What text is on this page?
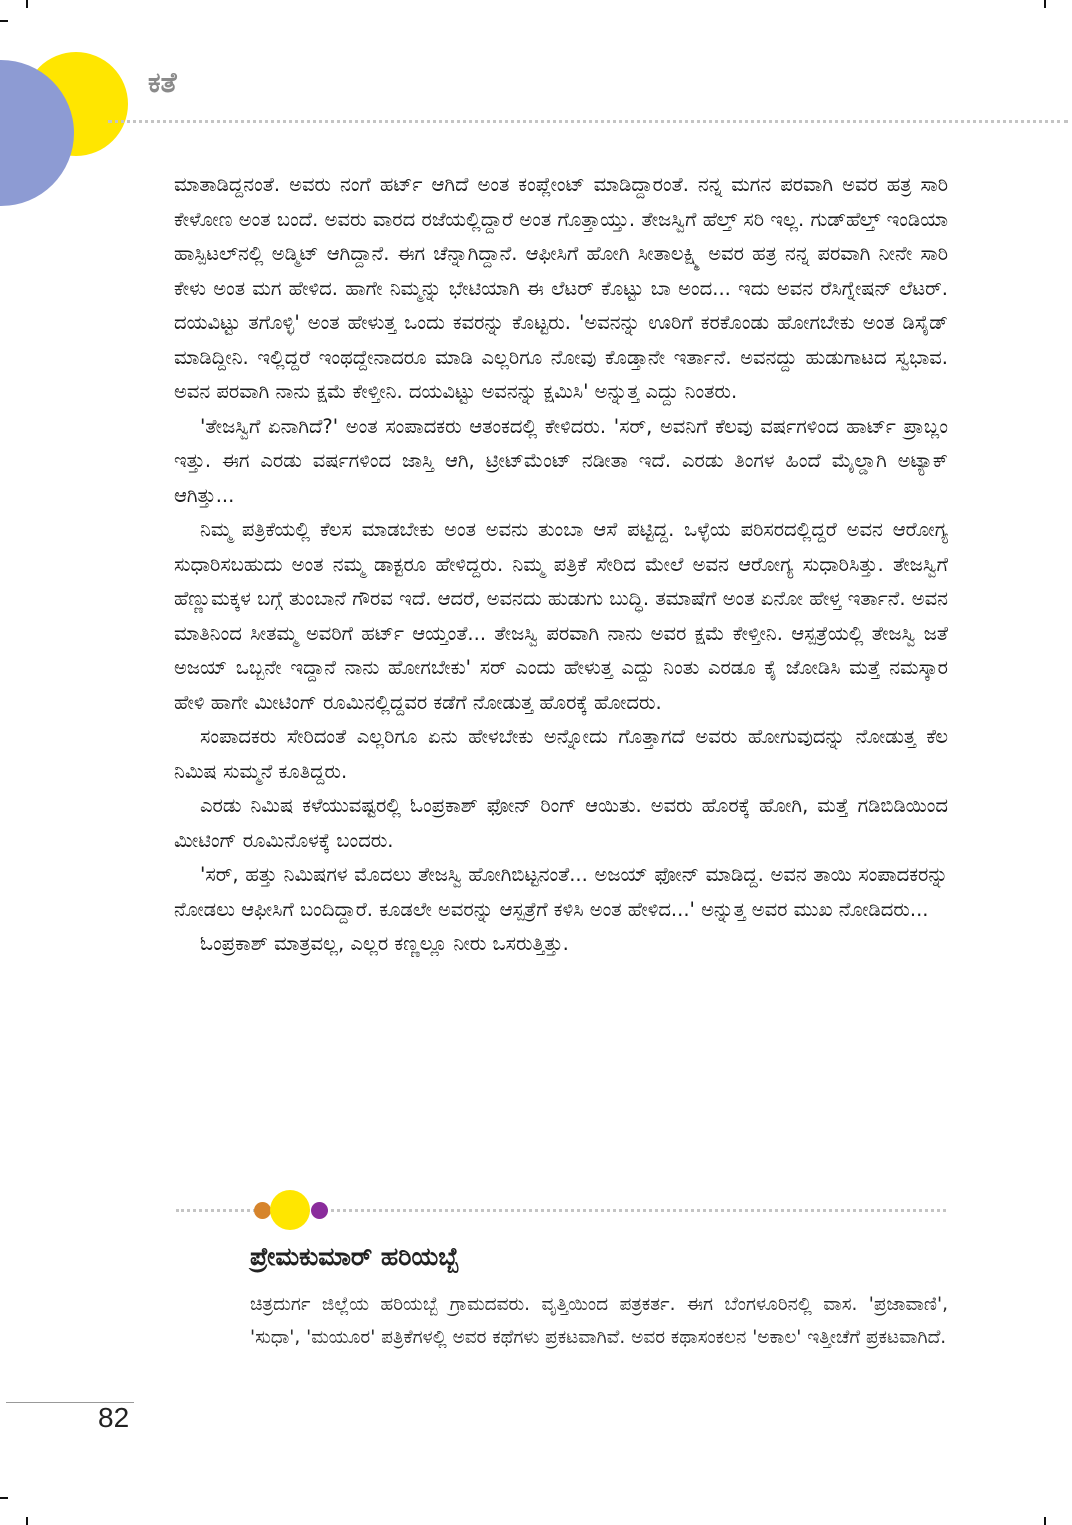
ಕತೆ

ಮಾತಾಡಿದ್ದನಂತೆ. ಅವರು ನಂಗೆ ಹರ್ಟ್ ಆಗಿದೆ ಅಂತ ಕಂಪ್ಲೇಂಟ್ ಮಾಡಿದ್ದಾರಂತೆ. ನನ್ನ ಮಗನ ಪರವಾಗಿ ಅವರ ಹತ್ರ ಸಾರಿ ಕೇಳೋಣ ಅಂತ ಬಂದೆ. ಅವರು ವಾರದ ರಜೆಯಲ್ಲಿದ್ದಾರೆ ಅಂತ ಗೊತ್ತಾಯ್ತು. ತೇಜಸ್ವಿಗೆ ಹೆಲ್ತ್ ಸರಿ ಇಲ್ಲ. ಗುಡ್‌ಹೆಲ್ತ್ ಇಂಡಿಯಾ ಹಾಸ್ಪಿಟಲ್‌ನಲ್ಲಿ ಅಡ್ಮಿಟ್ ಆಗಿದ್ದಾನೆ. ಈಗ ಚೆನ್ನಾಗಿದ್ದಾನೆ. ಆಫೀಸಿಗೆ ಹೋಗಿ ಸೀತಾಲಕ್ಷ್ಮಿ ಅವರ ಹತ್ರ ನನ್ನ ಪರವಾಗಿ ನೀನೇ ಸಾರಿ ಕೇಳು ಅಂತ ಮಗ ಹೇಳಿದ. ಹಾಗೇ ನಿಮ್ಮನ್ನು ಭೇಟಿಯಾಗಿ ಈ ಲೆಟರ್ ಕೊಟ್ಟು ಬಾ ಅಂದ... ಇದು ಅವನ ರೆಸಿಗ್ನೇಷನ್ ಲೆಟರ್. ದಯವಿಟ್ಟು ತಗೊಳ್ಳಿ' ಅಂತ ಹೇಳುತ್ತ ಒಂದು ಕವರನ್ನು ಕೊಟ್ಟರು. 'ಅವನನ್ನು ಊರಿಗೆ ಕರಕೊಂಡು ಹೋಗಬೇಕು ಅಂತ ಡಿಸೈಡ್ ಮಾಡಿದ್ದೀನಿ. ಇಲ್ಲಿದ್ದರೆ ಇಂಥದ್ದೇನಾದರೂ ಮಾಡಿ ಎಲ್ಲರಿಗೂ ನೋವು ಕೊಡ್ತಾನೇ ಇರ್ತಾನೆ. ಅವನದ್ದು ಹುಡುಗಾಟದ ಸ್ವಭಾವ. ಅವನ ಪರವಾಗಿ ನಾನು ಕ್ಷಮೆ ಕೇಳ್ತೀನಿ. ದಯವಿಟ್ಟು ಅವನನ್ನು ಕ್ಷಮಿಸಿ' ಅನ್ನುತ್ತ ಎದ್ದು ನಿಂತರು.

'ತೇಜಸ್ವಿಗೆ ಏನಾಗಿದೆ?' ಅಂತ ಸಂಪಾದಕರು ಆತಂಕದಲ್ಲಿ ಕೇಳಿದರು. 'ಸರ್, ಅವನಿಗೆ ಕೆಲವು ವರ್ಷಗಳಿಂದ ಹಾರ್ಟ್ ಪ್ರಾಬ್ಲಂ ಇತ್ತು. ಈಗ ಎರಡು ವರ್ಷಗಳಿಂದ ಜಾಸ್ತಿ ಆಗಿ, ಟ್ರೀಟ್‌ಮೆಂಟ್ ನಡೀತಾ ಇದೆ. ಎರಡು ತಿಂಗಳ ಹಿಂದೆ ಮೈಲ್ಡಾಗಿ ಅಟ್ಯಾಕ್ ಆಗಿತ್ತು...

ನಿಮ್ಮ ಪತ್ರಿಕೆಯಲ್ಲಿ ಕೆಲಸ ಮಾಡಬೇಕು ಅಂತ ಅವನು ತುಂಬಾ ಆಸೆ ಪಟ್ಟಿದ್ದ. ಒಳ್ಳೆಯ ಪರಿಸರದಲ್ಲಿದ್ದರೆ ಅವನ ಆರೋಗ್ಯ ಸುಧಾರಿಸಬಹುದು ಅಂತ ನಮ್ಮ ಡಾಕ್ಟರೂ ಹೇಳಿದ್ದರು. ನಿಮ್ಮ ಪತ್ರಿಕೆ ಸೇರಿದ ಮೇಲೆ ಅವನ ಆರೋಗ್ಯ ಸುಧಾರಿಸಿತ್ತು. ತೇಜಸ್ವಿಗೆ ಹೆಣ್ಣುಮಕ್ಕಳ ಬಗ್ಗೆ ತುಂಬಾನೆ ಗೌರವ ಇದೆ. ಆದರೆ, ಅವನದು ಹುಡುಗು ಬುದ್ಧಿ. ತಮಾಷೆಗೆ ಅಂತ ಏನೋ ಹೇಳ್ತ ಇರ್ತಾನೆ. ಅವನ ಮಾತಿನಿಂದ ಸೀತಮ್ಮ ಅವರಿಗೆ ಹರ್ಟ್ ಆಯ್ತಂತೆ... ತೇಜಸ್ವಿ ಪರವಾಗಿ ನಾನು ಅವರ ಕ್ಷಮೆ ಕೇಳ್ತೀನಿ. ಆಸ್ಪತ್ರೆಯಲ್ಲಿ ತೇಜಸ್ವಿ ಜತೆ ಅಜಯ್ ಒಬ್ಬನೇ ಇದ್ದಾನೆ ನಾನು ಹೋಗಬೇಕು' ಸರ್ ಎಂದು ಹೇಳುತ್ತ ಎದ್ದು ನಿಂತು ಎರಡೂ ಕೈ ಜೋಡಿಸಿ ಮತ್ತೆ ನಮಸ್ಕಾರ ಹೇಳಿ ಹಾಗೇ ಮೀಟಿಂಗ್ ರೂಮಿನಲ್ಲಿದ್ದವರ ಕಡೆಗೆ ನೋಡುತ್ತ ಹೊರಕ್ಕೆ ಹೋದರು.

ಸಂಪಾದಕರು ಸೇರಿದಂತೆ ಎಲ್ಲರಿಗೂ ಏನು ಹೇಳಬೇಕು ಅನ್ನೋದು ಗೊತ್ತಾಗದೆ ಅವರು ಹೋಗುವುದನ್ನು ನೋಡುತ್ತ ಕೆಲ ನಿಮಿಷ ಸುಮ್ಮನೆ ಕೂತಿದ್ದರು.

ಎರಡು ನಿಮಿಷ ಕಳೆಯುವಷ್ಟರಲ್ಲಿ ಓಂಪ್ರಕಾಶ್ ಫೋನ್ ರಿಂಗ್ ಆಯಿತು. ಅವರು ಹೊರಕ್ಕೆ ಹೋಗಿ, ಮತ್ತೆ ಗಡಿಬಿಡಿಯಿಂದ ಮೀಟಿಂಗ್ ರೂಮಿನೊಳಕ್ಕೆ ಬಂದರು.

'ಸರ್, ಹತ್ತು ನಿಮಿಷಗಳ ಮೊದಲು ತೇಜಸ್ವಿ ಹೋಗಿಬಿಟ್ಟನಂತೆ... ಅಜಯ್ ಫೋನ್ ಮಾಡಿದ್ದ. ಅವನ ತಾಯಿ ಸಂಪಾದಕರನ್ನು ನೋಡಲು ಆಫೀಸಿಗೆ ಬಂದಿದ್ದಾರೆ. ಕೂಡಲೇ ಅವರನ್ನು ಆಸ್ಪತ್ರೆಗೆ ಕಳಿಸಿ ಅಂತ ಹೇಳಿದ...' ಅನ್ನುತ್ತ ಅವರ ಮುಖ ನೋಡಿದರು...

ಓಂಪ್ರಕಾಶ್ ಮಾತ್ರವಲ್ಲ, ಎಲ್ಲರ ಕಣ್ಣಲ್ಲೂ ನೀರು ಒಸರುತ್ತಿತ್ತು.

ಪ್ರೇಮಕುಮಾರ್ ಹರಿಯಬ್ಬೆ
ಚಿತ್ರದುರ್ಗ ಜಿಲ್ಲೆಯ ಹರಿಯಬ್ಬೆ ಗ್ರಾಮದವರು. ವೃತ್ತಿಯಿಂದ ಪತ್ರಕರ್ತ. ಈಗ ಬೆಂಗಳೂರಿನಲ್ಲಿ ವಾಸ. 'ಪ್ರಜಾವಾಣಿ', 'ಸುಧಾ', 'ಮಯೂರ' ಪತ್ರಿಕೆಗಳಲ್ಲಿ ಅವರ ಕಥೆಗಳು ಪ್ರಕಟವಾಗಿವೆ. ಅವರ ಕಥಾಸಂಕಲನ 'ಅಕಾಲ' ಇತ್ತೀಚೆಗೆ ಪ್ರಕಟವಾಗಿದೆ.
82
